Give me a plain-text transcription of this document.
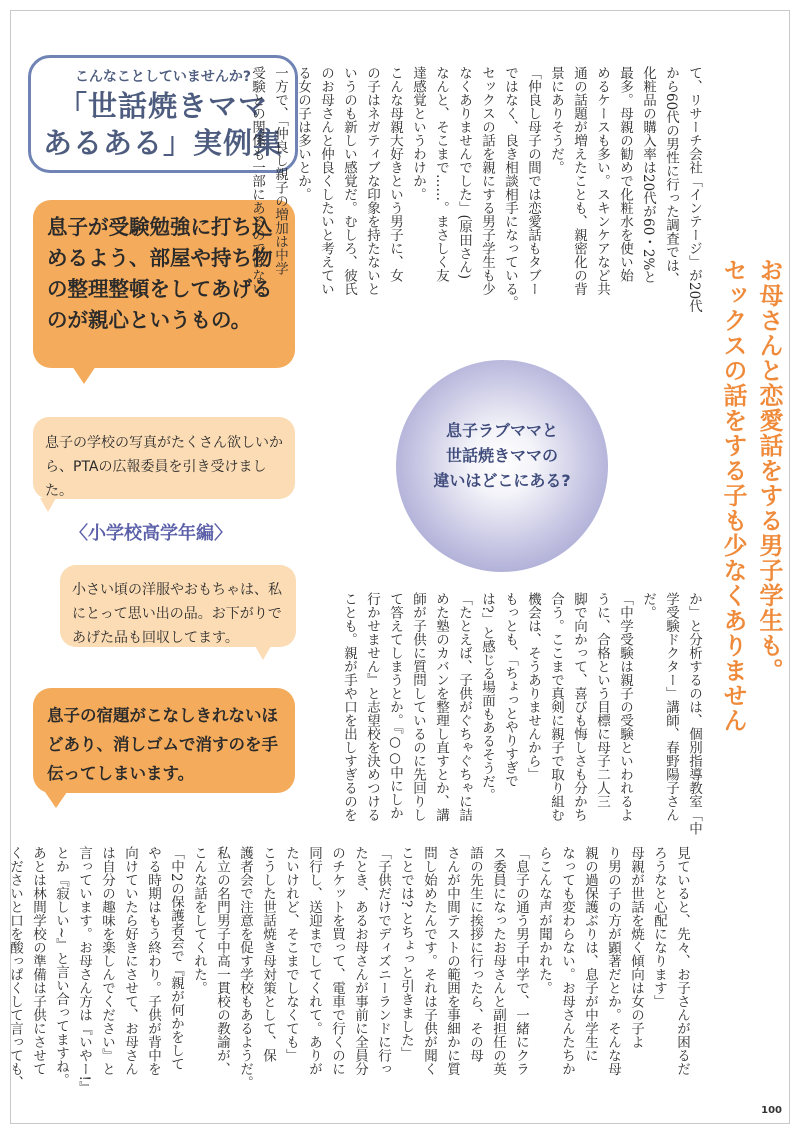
こんなことしていませんか?
「世話焼きママ
あるある」実例集
息子が受験勉強に打ち込めるよう、部屋や持ち物の整理整頓をしてあげるのが親心というもの。
息子の学校の写真がたくさん欲しいから、PTAの広報委員を引き受けました。
〈小学校高学年編〉
小さい頃の洋服やおもちゃは、私にとって思い出の品。お下がりであげた品も回収してます。
息子の宿題がこなしきれないほどあり、消しゴムで消すのを手伝ってしまいます。
お母さんと恋愛話をする男子学生も。
セックスの話をする子も少なくありません
息子ラブママと
世話焼きママの
違いはどこにある?
て、リサーチ会社「インテージ」が20代
から60代の男性に行った調査では、
化粧品の購入率は20代が60・2%と
最多。母親の勧めで化粧水を使い始
めるケースも多い。スキンケアなど共
通の話題が増えたことも、親密化の背
景にありそうだ。
「仲良し母子の間では恋愛話もタブー
ではなく、良き相談相手になっている。
セックスの話を親にする男子学生も少
なくありませんでした」(原田さん)
なんと、そこまで……。まさしく友
達感覚というわけか。
こんな母親大好きという男子に、女
の子はネガティブな印象を持たないと
いうのも新しい感覚だ。むしろ、彼氏
のお母さんと仲良くしたいと考えてい
る女の子は多いとか。
一方で、「仲良し親子の増加は中学
受験との関係も一部にあるのではない
か」と分析するのは、個別指導教室「中
学受験ドクター」講師、春野陽子さん
だ。
「中学受験は親子の受験といわれるよ
うに、合格という目標に母子二人三
脚で向かって、喜びも悔しさも分かち
合う。ここまで真剣に親子で取り組む
機会は、そうありませんから」
もっとも、「ちょっとやりすぎで
は?」と感じる場面もあるそうだ。
「たとえば、子供がぐちゃぐちゃに詰
めた塾のカバンを整理し直すとか、講
師が子供に質問しているのに先回りし
て答えてしまうとか。『○○中にしか
行かせません』と志望校を決めつける
ことも。親が手や口を出しすぎるのを
見ていると、先々、お子さんが困るだ
ろうなと心配になります」
母親が世話を焼く傾向は女の子よ
り男の子の方が顕著だとか。そんな母
親の過保護ぶりは、息子が中学生に
なっても変わらない。お母さんたちか
らこんな声が聞かれた。
「息子の通う男子中学で、一緒にクラ
ス委員になったお母さんと副担任の英
語の先生に挨拶に行ったら、その母
さんが中間テストの範囲を事細かに質
問し始めたんです。それは子供が聞く
ことでは? とちょっと引きました」
「子供だけでディズニーランドに行っ
たとき、あるお母さんが事前に全員分
のチケットを買って、電車で行くのに
同行し、送迎までしてくれて。ありが
たいけれど、そこまでしなくても」
こうした世話焼き母対策として、保
護者会で注意を促す学校もあるようだ。
私立の名門男子中高一貫校の教諭が、
こんな話をしてくれた。
「中2の保護者会で『親が何かをして
やる時期はもう終わり。子供が背中を
向けていたら好きにさせて、お母さん
は自分の趣味を楽しんでください』と
言っています。お母さん方は『いやー!』
とか『寂しい~』と言い合ってますね。
あとは林間学校の準備は子供にさせて
くださいと口を酸っぱくして言っても、
100
